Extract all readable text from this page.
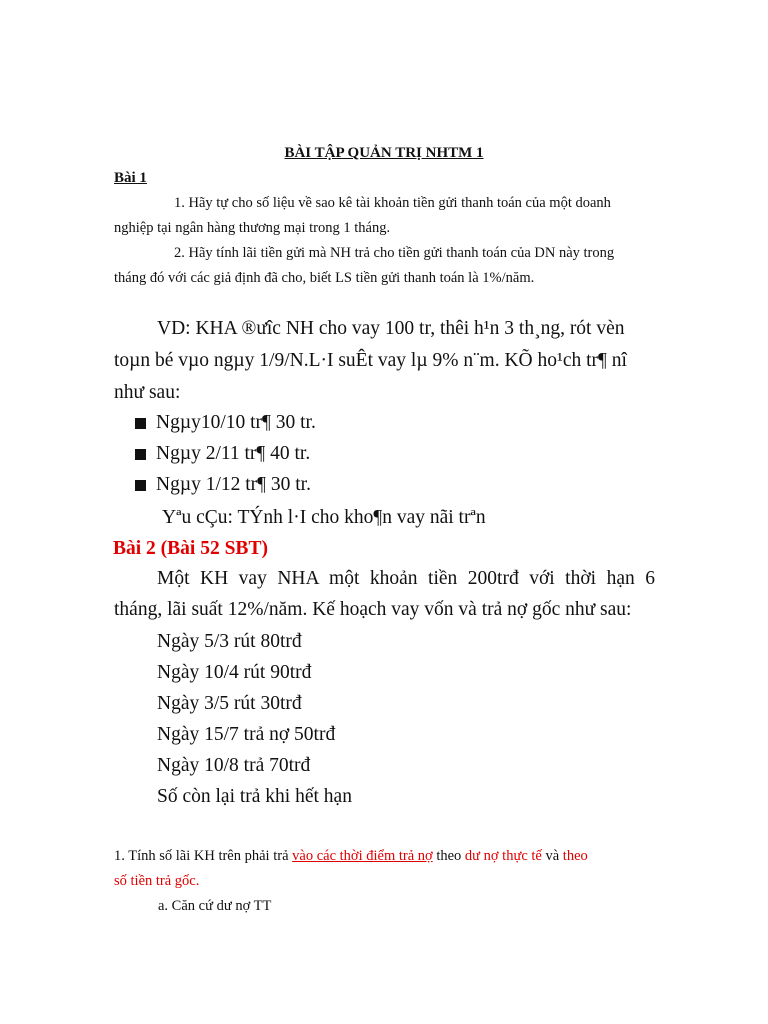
BÀI TẬP QUẢN TRỊ NHTM 1
Bài 1
1. Hãy tự cho số liệu về sao kê tài khoản tiền gửi thanh toán của một doanh
nghiệp tại ngân hàng thương mại trong 1 tháng.
2. Hãy tính lãi tiền gửi mà NH trả cho tiền gửi thanh toán của DN này trong
tháng đó với các giả định đã cho, biết LS tiền gửi thanh toán là 1%/năm.
VD: KHA ®ưîc NH cho vay 100 tr, thêi h¹n 3 th¸ng, rót vèn
toµn bé vµo ngµy 1/9/N.L·I suÊt vay lµ 9% n¨m. KÕ ho¹ch tr¶ nî
như sau:
Ngµy10/10 tr¶ 30 tr.
Ngµy 2/11 tr¶ 40 tr.
Ngµy 1/12 tr¶ 30 tr.
Yªu cÇu: TÝnh l·I cho kho¶n vay nãi trªn
Bài 2 (Bài 52 SBT)
Một KH vay NHA một khoản tiền 200trđ với thời hạn 6
tháng, lãi suất 12%/năm. Kế hoạch vay vốn và trả nợ gốc như sau:
Ngày 5/3 rút 80trđ
Ngày 10/4 rút 90trđ
Ngày 3/5 rút 30trđ
Ngày 15/7 trả nợ 50trđ
Ngày 10/8 trả 70trđ
Số còn lại trả khi hết hạn
1. Tính số lãi KH trên phải trả vào các thời điểm trả nợ theo dư nợ thực tế và theo
số tiền trả gốc.
a. Căn cứ dư nợ TT
